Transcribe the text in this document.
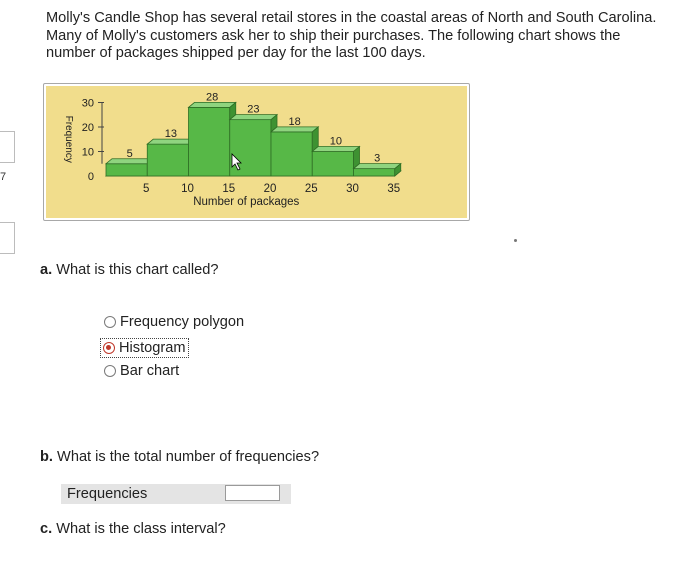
7
Molly's Candle Shop has several retail stores in the coastal areas of North and South Carolina. Many of Molly's customers ask her to ship their purchases. The following chart shows the number of packages shipped per day for the last 100 days.
0
10
20
30
Frequency	5
13
28
23
18
10
3
5	10 15 20 25 30 35
Number of packages
a. What is this chart called?
Frequency polygon
Histogram
Bar chart
b. What is the total number of frequencies?
Frequencies
c. What is the class interval?
